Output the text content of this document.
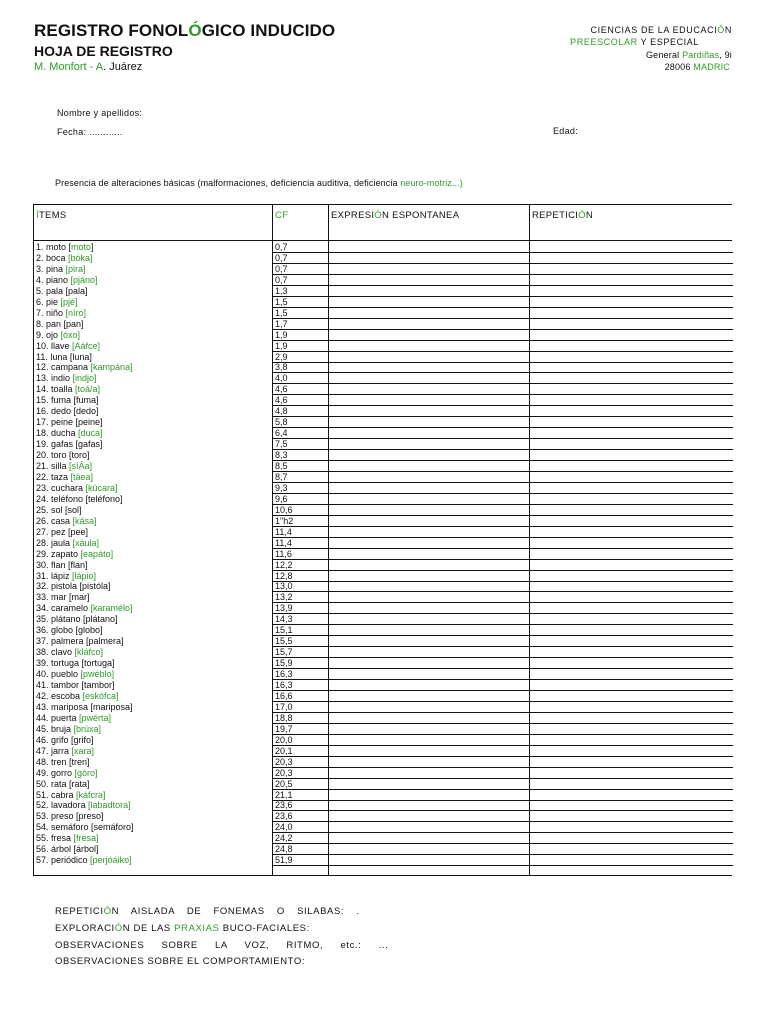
REGISTRO FONOLÓGICO INDUCIDO
HOJA DE REGISTRO
M. Monfort - A. Juárez
CIENCIAS DE LA EDUCACIÓN
PREESCOLAR Y ESPECIAL
General Pardiñas, 9i
28006 MADRIC
Nombre y apellidos:
Fecha: ............	Edad:
Presencia de alteraciones básicas (malformaciones, deficiencia auditiva, deficiencia neuro-motriz...)
ÍTEMS	CF	EXPRESIÓN ESPONTANEA	REPETICIÓN
1. moto [moto]	0,7
2. boca [bóka]	0,7
3. pina [pira]	0,7
4. piano [pjáno]	0,7
5. pala [pala]	1,3
6. pie [pjé]	1,5
7. niño [níro]	1,5
8. pan [pan]	1,7
9. ojo [óxo]	1,9
10. llave [Aáfce]	1,9
11. luna [luna]	2,9
12. campana [kampána]	3,8
13. indio [indjo]	4,0
14. toalla [toá/a]	4,6
15. fuma [fuma]	4,6
16. dedo [dedo]	4,8
17. peine [peine]	5,8
18. ducha [duca]	6,4
19. gafas [gafas]	7,5
20. toro [toro]	8,3
21. silla [síÁa]	8,5
22. taza [táea]	8,7
23. cuchara [kúcara]	9,3
24. teléfono [teléfono]	9,6
25. sol [sol]	10,6
26. casa [kása]	1"h2
27. pez [pee]	11,4
28. jaula [xáula]	11,4
29. zapato [eapáto]	11,6
30. flan [flan]	12,2
31. lápiz [lápio]	12,8
32. pistola [pistóla]	13,0
33. mar [mar]	13,2
34. caramelo [karamélo]	13,9
35. plátano [plátano]	14,3
36. globo [globo]	15,1
37. palmera [palmera]	15,5
38. clavo [kláfco]	15,7
39. tortuga [tortuga]	15,9
40. pueblo [pwéblo]	16,3
41. tambor [tambor]	16,3
42. escoba [eskófca]	16,6
43. mariposa [mariposa]	17,0
44. puerta [pwérta]	18,8
45. bruja [brúxa]	19,7
46. grifo [grifo]	20,0
47. jarra [xara]	20,1
48. tren [tren]	20,3
49. gorro [góro]	20,3
50. rata [rata]	20,5
51. cabra [káfcra]	21,1
52. lavadora [labadtora]	23,6
53. preso [preso]	23,6
54. semáforo [semáforo]	24,0
55. fresa [fresa]	24,2
56. árbol [árbol]	24,8
57. periódico [perjóáiko]	51,9
REPETICIÓN AISLADA DE FONEMAS O SILABAS: .
EXPLORACIÓN DE LAS PRAXIAS BUCO-FACIALES:
OBSERVACIONES SOBRE LA VOZ, RITMO, etc.: ...
OBSERVACIONES SOBRE EL COMPORTAMIENTO:
